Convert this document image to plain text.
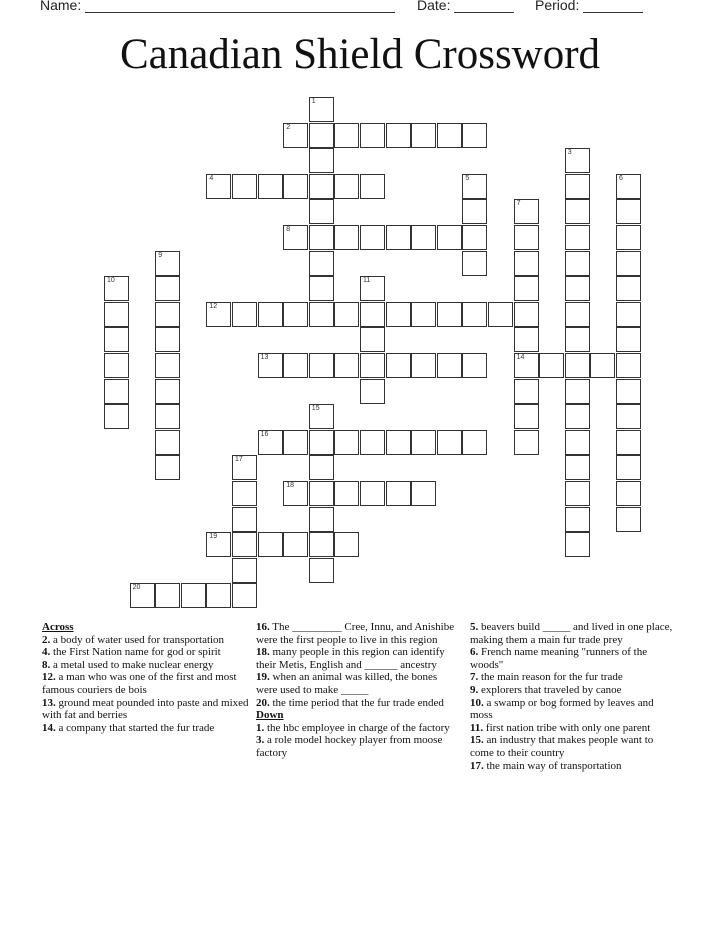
Name:	Date:	Period:
Canadian Shield Crossword
1
2
3
4	5	6
7
14
8
9
10	11
12
13
15
16
17
18
19
20
Across
2. a body of water used for transportation
4. the First Nation name for god or spirit
8. a metal used to make nuclear energy
12. a man who was one of the first and most famous couriers de bois
13. ground meat pounded into paste and mixed with fat and berries
14. a company that started the fur trade
16. The _________ Cree, Innu, and Anishibe were the first people to live in this region
18. many people in this region can identify their Metis, English and ______ ancestry
19. when an animal was killed, the bones were used to make _____
20. the time period that the fur trade ended
Down
1. the hbc employee in charge of the factory
3. a role model hockey player from moose factory
5. beavers build _____ and lived in one place, making them a main fur trade prey
6. French name meaning "runners of the woods"
7. the main reason for the fur trade
9. explorers that traveled by canoe
10. a swamp or bog formed by leaves and moss
11. first nation tribe with only one parent
15. an industry that makes people want to come to their country
17. the main way of transportation
